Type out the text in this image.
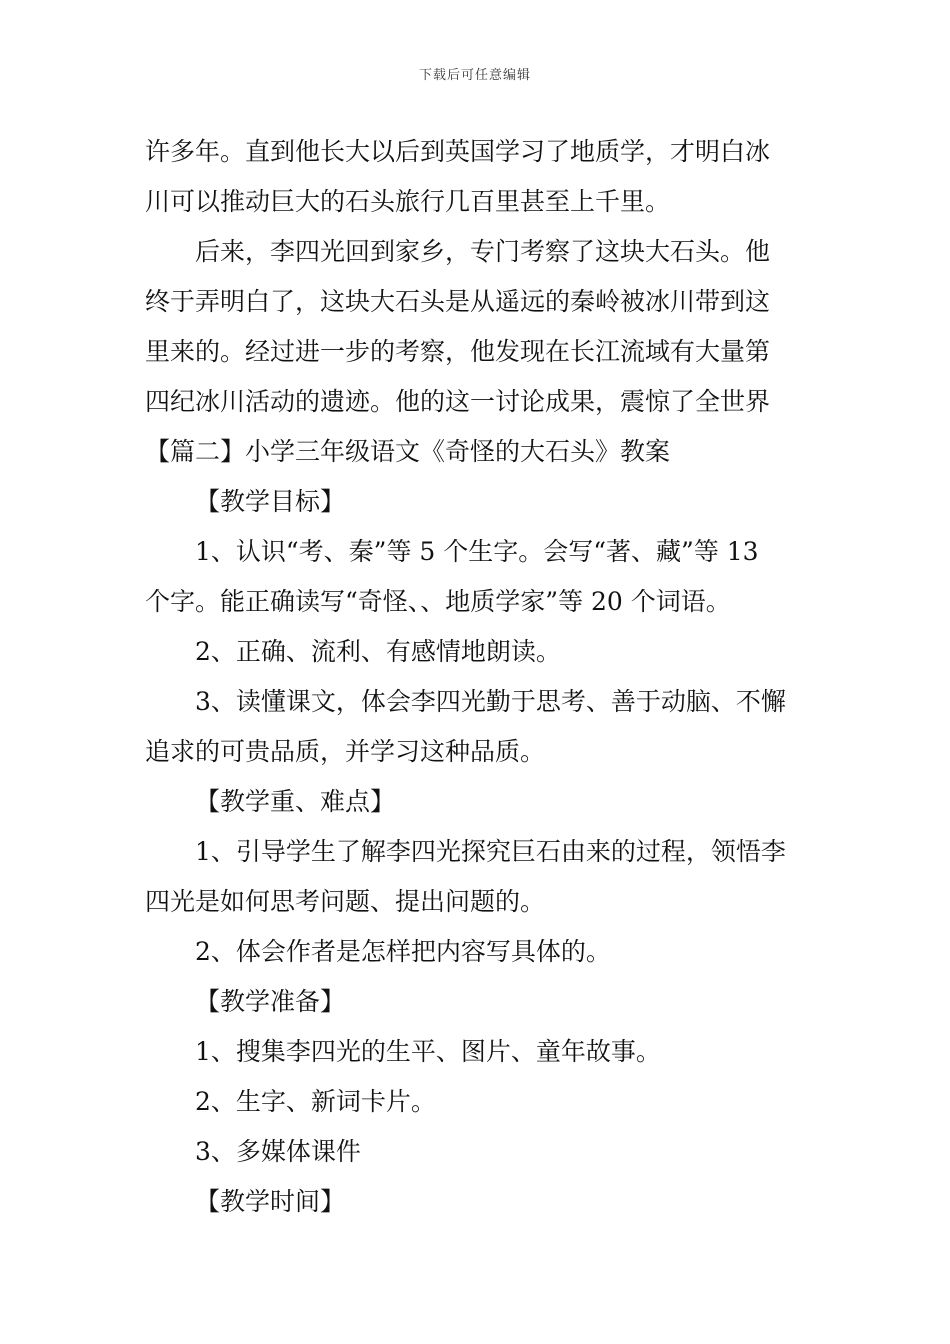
下载后可任意编辑
许多年。直到他长大以后到英国学习了地质学，才明白冰
川可以推动巨大的石头旅行几百里甚至上千里。
后来，李四光回到家乡，专门考察了这块大石头。他
终于弄明白了，这块大石头是从遥远的秦岭被冰川带到这
里来的。经过进一步的考察，他发现在长江流域有大量第
四纪冰川活动的遗迹。他的这一讨论成果，震惊了全世界
【篇二】小学三年级语文《奇怪的大石头》教案
【教学目标】
1、认识“考、秦”等 5 个生字。会写“著、藏”等 13
个字。能正确读写“奇怪、、地质学家”等 20 个词语。
2、正确、流利、有感情地朗读。
3、读懂课文，体会李四光勤于思考、善于动脑、不懈
追求的可贵品质，并学习这种品质。
【教学重、难点】
1、引导学生了解李四光探究巨石由来的过程，领悟李
四光是如何思考问题、提出问题的。
2、体会作者是怎样把内容写具体的。
【教学准备】
1、搜集李四光的生平、图片、童年故事。
2、生字、新词卡片。
3、多媒体课件
【教学时间】
